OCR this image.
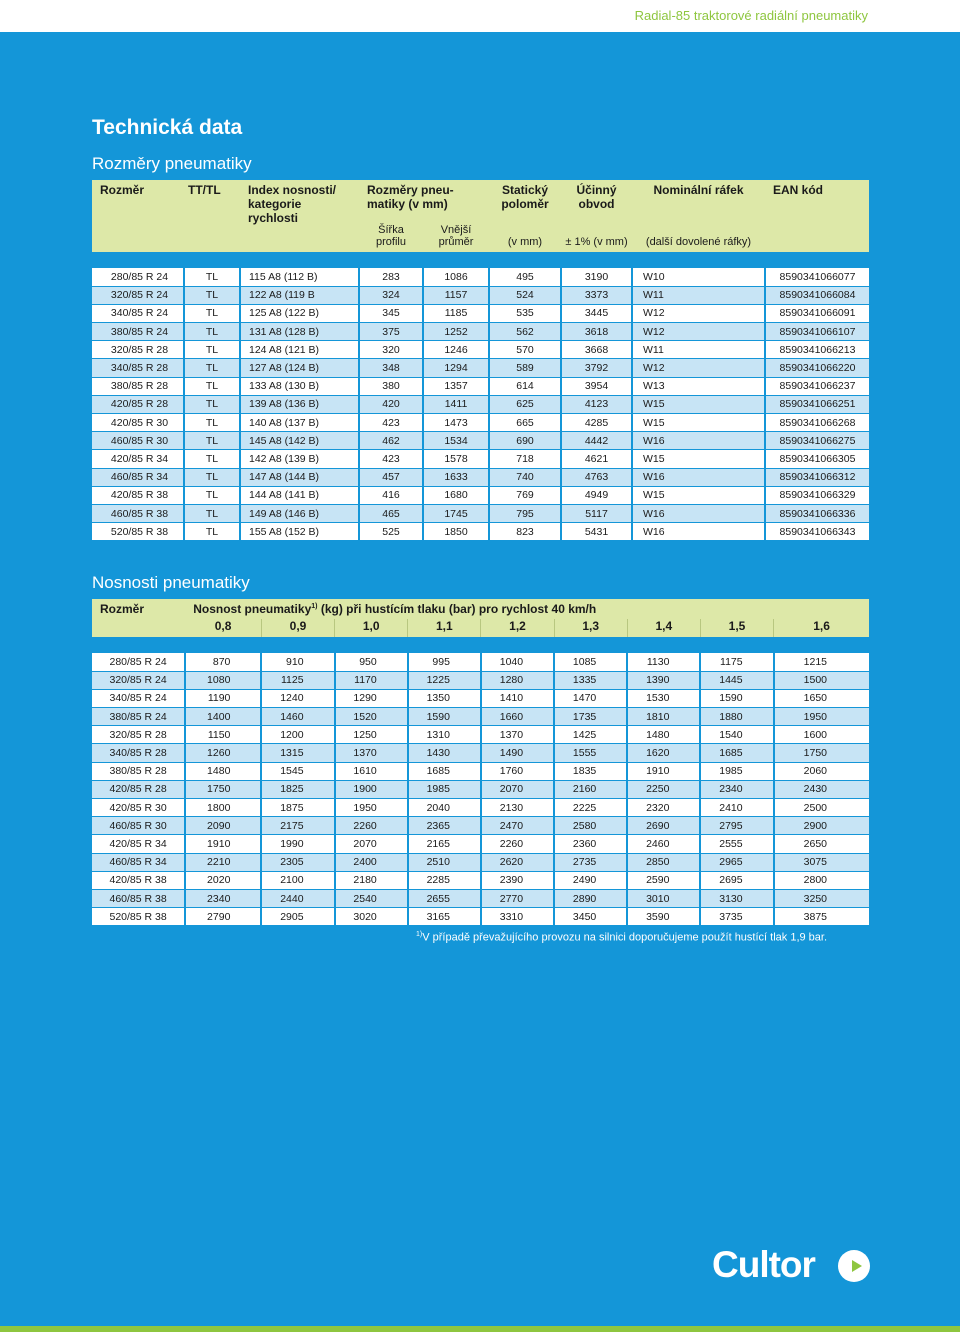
Radial-85 traktorové radiální pneumatiky
Technická data
Rozměry pneumatiky
Rozměr	TT/TL	Index nosnosti/ kategorie rychlosti	Rozměry pneu- matiky (v mm)		Statický poloměr	Účinný obvod	Nominální ráfek	EAN kód
			Šířka profilu	Vnější průměr	(v mm)	± 1% (v mm)	(další dovolené ráfky)	

280/85 R 24	TL	115 A8 (112 B)	283	1086	495	3190	W10	8590341066077
320/85 R 24	TL	122 A8 (119 B	324	1157	524	3373	W11	8590341066084
340/85 R 24	TL	125 A8 (122 B)	345	1185	535	3445	W12	8590341066091
380/85 R 24	TL	131 A8 (128 B)	375	1252	562	3618	W12	8590341066107
320/85 R 28	TL	124 A8 (121 B)	320	1246	570	3668	W11	8590341066213
340/85 R 28	TL	127 A8 (124 B)	348	1294	589	3792	W12	8590341066220
380/85 R 28	TL	133 A8 (130 B)	380	1357	614	3954	W13	8590341066237
420/85 R 28	TL	139 A8 (136 B)	420	1411	625	4123	W15	8590341066251
420/85 R 30	TL	140 A8 (137 B)	423	1473	665	4285	W15	8590341066268
460/85 R 30	TL	145 A8 (142 B)	462	1534	690	4442	W16	8590341066275
420/85 R 34	TL	142 A8 (139 B)	423	1578	718	4621	W15	8590341066305
460/85 R 34	TL	147 A8 (144 B)	457	1633	740	4763	W16	8590341066312
420/85 R 38	TL	144 A8 (141 B)	416	1680	769	4949	W15	8590341066329
460/85 R 38	TL	149 A8 (146 B)	465	1745	795	5117	W16	8590341066336
520/85 R 38	TL	155 A8 (152 B)	525	1850	823	5431	W16	8590341066343
Nosnosti pneumatiky
Rozměr	Nosnost pneumatiky$^{1)}$ (kg) při hustícím tlaku (bar) pro rychlost 40 km/h								
	0,8	0,9	1,0	1,1	1,2	1,3	1,4	1,5	1,6

280/85 R 24	870	910	950	995	1040	1085	1130	1175	1215
320/85 R 24	1080	1125	1170	1225	1280	1335	1390	1445	1500
340/85 R 24	1190	1240	1290	1350	1410	1470	1530	1590	1650
380/85 R 24	1400	1460	1520	1590	1660	1735	1810	1880	1950
320/85 R 28	1150	1200	1250	1310	1370	1425	1480	1540	1600
340/85 R 28	1260	1315	1370	1430	1490	1555	1620	1685	1750
380/85 R 28	1480	1545	1610	1685	1760	1835	1910	1985	2060
420/85 R 28	1750	1825	1900	1985	2070	2160	2250	2340	2430
420/85 R 30	1800	1875	1950	2040	2130	2225	2320	2410	2500
460/85 R 30	2090	2175	2260	2365	2470	2580	2690	2795	2900
420/85 R 34	1910	1990	2070	2165	2260	2360	2460	2555	2650
460/85 R 34	2210	2305	2400	2510	2620	2735	2850	2965	3075
420/85 R 38	2020	2100	2180	2285	2390	2490	2590	2695	2800
460/85 R 38	2340	2440	2540	2655	2770	2890	3010	3130	3250
520/85 R 38	2790	2905	3020	3165	3310	3450	3590	3735	3875
$^{1)}$V případě převažujícího provozu na silnici doporučujeme použít hustící tlak 1,9 bar.
Cultor
